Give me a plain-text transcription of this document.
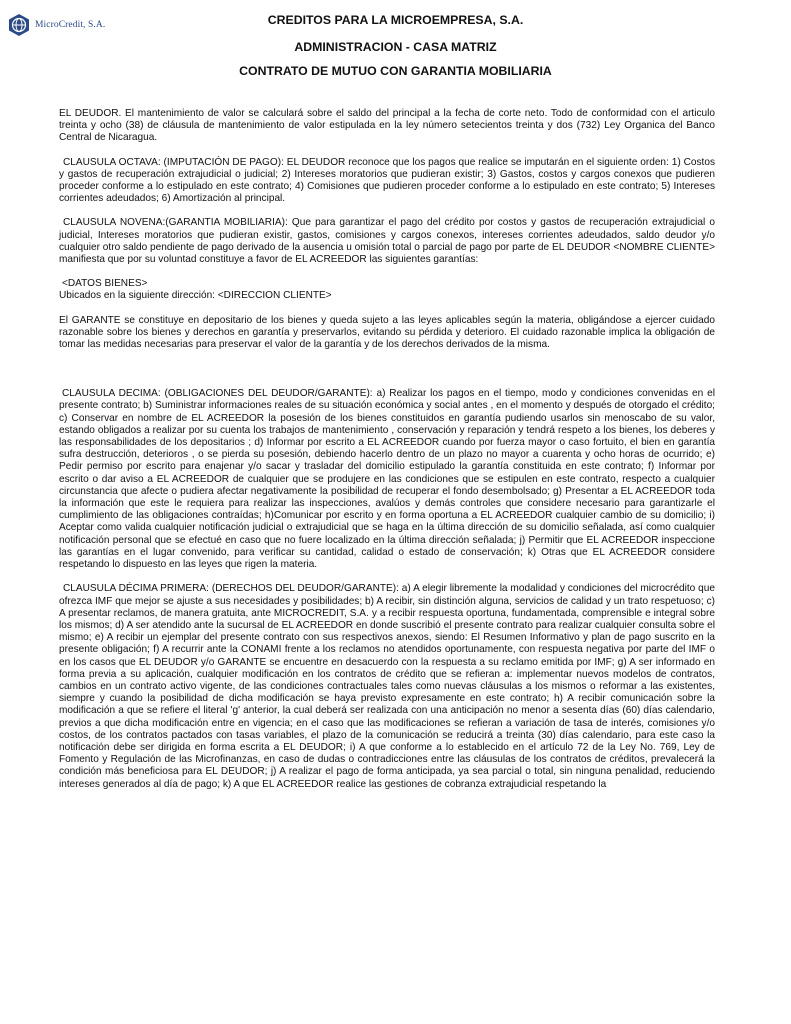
MicroCredit, S.A.	CREDITOS PARA LA MICROEMPRESA, S.A.
ADMINISTRACION - CASA MATRIZ
CONTRATO DE MUTUO CON GARANTIA MOBILIARIA

EL DEUDOR. El mantenimiento de valor se calculará sobre el saldo del principal a la fecha de corte neto. Todo de conformidad con el articulo treinta y ocho (38) de cláusula de mantenimiento de valor estipulada en la ley número setecientos treinta y dos (732) Ley Organica del Banco Central de Nicaragua.

CLAUSULA OCTAVA: (IMPUTACIÓN DE PAGO): EL DEUDOR reconoce que los pagos que realice se imputarán en el siguiente orden: 1) Costos y gastos de recuperación extrajudicial o judicial; 2) Intereses moratorios que pudieran existir; 3) Gastos, costos y cargos conexos que pudieren proceder conforme a lo estipulado en este contrato; 4) Comisiones que pudieren proceder conforme a lo estipulado en este contrato; 5) Intereses corrientes adeudados; 6) Amortización al principal.

CLAUSULA NOVENA:(GARANTIA MOBILIARIA): Que para garantizar el pago del crédito por costos y gastos de recuperación extrajudicial o judicial, Intereses moratorios que pudieran existir, gastos, comisiones y cargos conexos, intereses corrientes adeudados, saldo deudor y/o cualquier otro saldo pendiente de pago derivado de la ausencia u omisión total o parcial de pago por parte de EL DEUDOR <NOMBRE CLIENTE> manifiesta que por su voluntad constituye a favor de EL ACREEDOR las siguientes garantías:

<DATOS BIENES>

Ubicados en la siguiente dirección: <DIRECCION CLIENTE>

El GARANTE se constituye en depositario de los bienes y queda sujeto a las leyes aplicables según la materia, obligándose a ejercer cuidado razonable sobre los bienes y derechos en garantía y preservarlos, evitando su pérdida y deterioro. El cuidado razonable implica la obligación de tomar las medidas necesarias para preservar el valor de la garantía y de los derechos derivados de la misma.

CLAUSULA DECIMA: (OBLIGACIONES DEL DEUDOR/GARANTE): a) Realizar los pagos en el tiempo, modo y condiciones convenidas en el presente contrato; b) Suministrar informaciones reales de su situación económica y social antes , en el momento y después de otorgado el crédito; c) Conservar en nombre de EL ACREEDOR la posesión de los bienes constituidos en garantía pudiendo usarlos sin menoscabo de su valor, estando obligados a realizar por su cuenta los trabajos de mantenimiento , conservación y reparación y tendrá respeto a los bienes, los deberes y las responsabilidades de los depositarios ; d) Informar por escrito a EL ACREEDOR cuando por fuerza mayor o caso fortuito, el bien en garantía sufra destrucción, deterioros , o se pierda su posesión, debiendo hacerlo dentro de un plazo no mayor a cuarenta y ocho horas de ocurrido; e) Pedir permiso por escrito para enajenar y/o sacar y trasladar del domicilio estipulado la garantía constituida en este contrato; f) Informar por escrito o dar aviso a EL ACREEDOR de cualquier que se produjere en las condiciones que se estipulen en este contrato, respecto a cualquier circunstancia que afecte o pudiera afectar negativamente la posibilidad de recuperar el fondo desembolsado; g) Presentar a EL ACREEDOR toda la información que este le requiera para realizar las inspecciones, avalúos y demás controles que considere necesario para garantizarle el cumplimiento de las obligaciones contraídas; h)Comunicar por escrito y en forma oportuna a EL ACREEDOR cualquier cambio de su domicilio; i) Aceptar como valida cualquier notificación judicial o extrajudicial que se haga en la última dirección de su domicilio señalada, así como cualquier notificación personal que se efectué en caso que no fuere localizado en la última dirección señalada; j) Permitir que EL ACREEDOR inspeccione las garantías en el lugar convenido, para verificar su cantidad, calidad o estado de conservación; k) Otras que EL ACREEDOR considere respetando lo dispuesto en las leyes que rigen la materia.

CLAUSULA DÉCIMA PRIMERA: (DERECHOS DEL DEUDOR/GARANTE): a) A elegir libremente la modalidad y condiciones del microcrédito que ofrezca IMF que mejor se ajuste a sus necesidades y posibilidades; b) A recibir, sin distinción alguna, servicios de calidad y un trato respetuoso; c) A presentar reclamos, de manera gratuita, ante MICROCREDIT, S.A. y a recibir respuesta oportuna, fundamentada, comprensible e integral sobre los mismos; d) A ser atendido ante la sucursal de EL ACREEDOR en donde suscribió el presente contrato para realizar cualquier consulta sobre el mismo; e) A recibir un ejemplar del presente contrato con sus respectivos anexos, siendo: El Resumen Informativo y plan de pago suscrito en la presente obligación; f) A recurrir ante la CONAMI frente a los reclamos no atendidos oportunamente, con respuesta negativa por parte del IMF o en los casos que EL DEUDOR y/o GARANTE se encuentre en desacuerdo con la respuesta a su reclamo emitida por IMF; g) A ser informado en forma previa a su aplicación, cualquier modificación en los contratos de crédito que se refieran a: implementar nuevos modelos de contratos, cambios en un contrato activo vigente, de las condiciones contractuales tales como nuevas cláusulas a los mismos o reformar a las existentes, siempre y cuando la posibilidad de dicha modificación se haya previsto expresamente en este contrato; h) A recibir comunicación sobre la modificación a que se refiere el literal 'g' anterior, la cual deberá ser realizada con una anticipación no menor a sesenta días (60) días calendario, previos a que dicha modificación entre en vigencia; en el caso que las modificaciones se refieran a variación de tasa de interés, comisiones y/o costos, de los contratos pactados con tasas variables, el plazo de la comunicación se reducirá a treinta (30) días calendario, para este caso la notificación debe ser dirigida en forma escrita a EL DEUDOR; i) A que conforme a lo establecido en el artículo 72 de la Ley No. 769, Ley de Fomento y Regulación de las Microfinanzas, en caso de dudas o contradicciones entre las cláusulas de los contratos de créditos, prevalecerá la condición más beneficiosa para EL DEUDOR; j) A realizar el pago de forma anticipada, ya sea parcial o total, sin ninguna penalidad, reduciendo intereses generados al día de pago; k) A que EL ACREEDOR realice las gestiones de cobranza extrajudicial respetando la
